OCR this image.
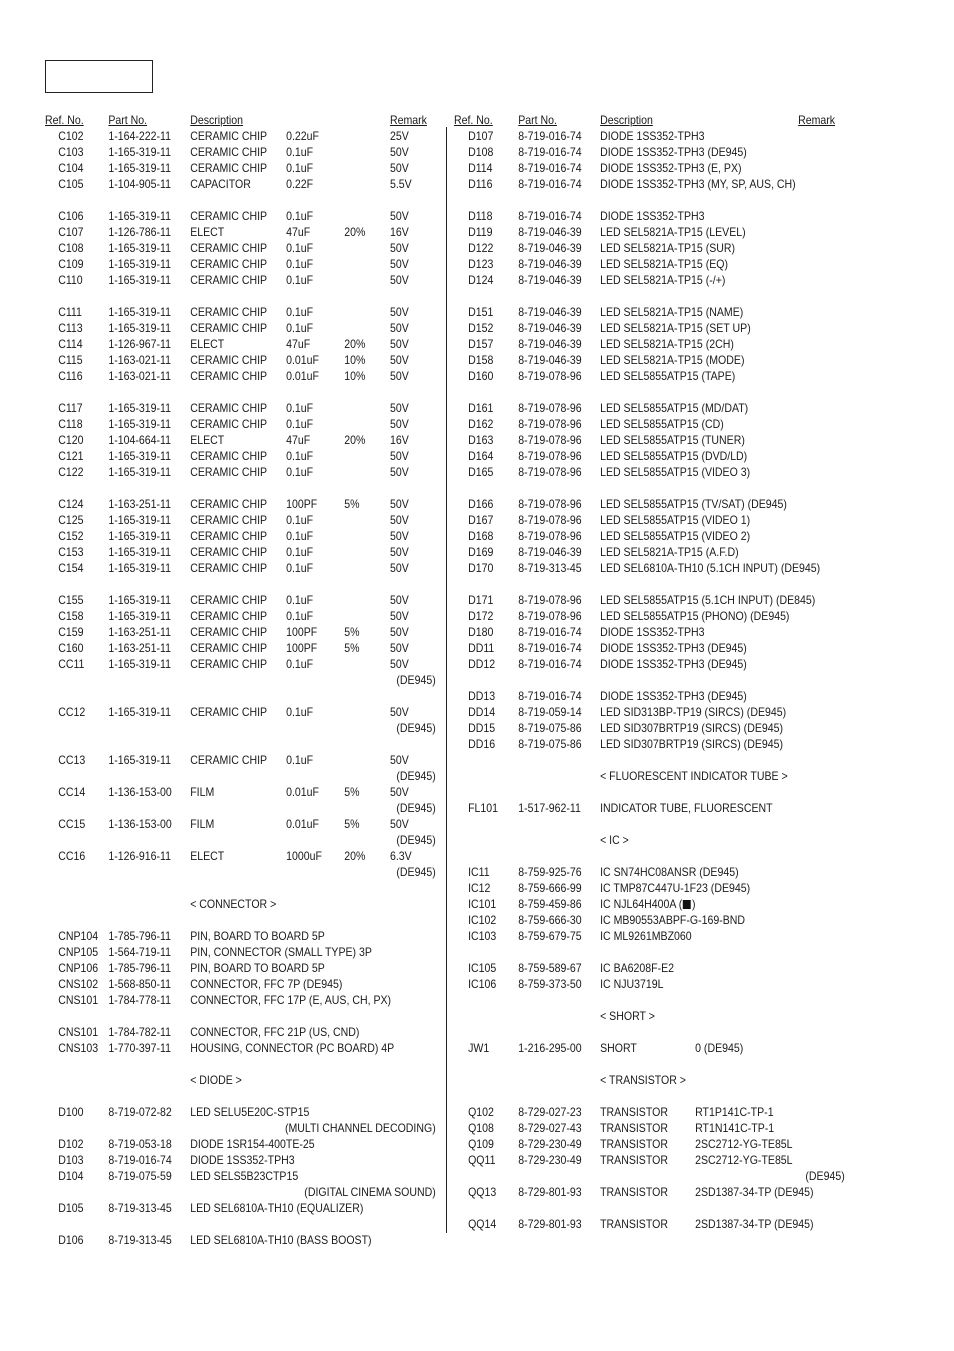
Ref. No. Part No.	Description	Remark
C102 1-164-222-11 CERAMIC CHIP 0.22uF	25V
C103 1-165-319-11 CERAMIC CHIP 0.1uF	50V
C104 1-165-319-11 CERAMIC CHIP 0.1uF	50V
C105 1-104-905-11 CAPACITOR	0.22F	5.5V
C106 1-165-319-11 CERAMIC CHIP 0.1uF	50V
C107 1-126-786-11 ELECT	47uF	20% 16V
C108 1-165-319-11 CERAMIC CHIP 0.1uF	50V
C109 1-165-319-11 CERAMIC CHIP 0.1uF	50V
C110 1-165-319-11 CERAMIC CHIP 0.1uF	50V
C111 1-165-319-11 CERAMIC CHIP 0.1uF	50V
C113 1-165-319-11 CERAMIC CHIP 0.1uF	50V
C114 1-126-967-11 ELECT	47uF	20% 50V
C115 1-163-021-11 CERAMIC CHIP 0.01uF 10% 50V
C116 1-163-021-11 CERAMIC CHIP 0.01uF 10% 50V
C117 1-165-319-11 CERAMIC CHIP 0.1uF	50V
C118 1-165-319-11 CERAMIC CHIP 0.1uF	50V
C120 1-104-664-11 ELECT	47uF	20% 16V
C121 1-165-319-11 CERAMIC CHIP 0.1uF	50V
C122 1-165-319-11 CERAMIC CHIP 0.1uF	50V
C124 1-163-251-11 CERAMIC CHIP 100PF 5%	50V
C125 1-165-319-11 CERAMIC CHIP 0.1uF	50V
C152 1-165-319-11 CERAMIC CHIP 0.1uF	50V
C153 1-165-319-11 CERAMIC CHIP 0.1uF	50V
C154 1-165-319-11 CERAMIC CHIP 0.1uF	50V
C155 1-165-319-11 CERAMIC CHIP 0.1uF	50V
C158 1-165-319-11 CERAMIC CHIP 0.1uF	50V
C159 1-163-251-11 CERAMIC CHIP 100PF 5%	50V
C160 1-163-251-11 CERAMIC CHIP 100PF 5%	50V
CC11 1-165-319-11 CERAMIC CHIP 0.1uF	50V
(DE945)
CC12 1-165-319-11 CERAMIC CHIP 0.1uF	50V
(DE945)
CC13 1-165-319-11 CERAMIC CHIP 0.1uF	50V
(DE945)
CC14 1-136-153-00 FILM	0.01uF 5%	50V
(DE945)
CC15 1-136-153-00 FILM	0.01uF 5%	50V
(DE945)
CC16 1-126-916-11 ELECT	1000uF 20% 6.3V
(DE945)
< CONNECTOR >
CNP104 1-785-796-11 PIN, BOARD TO BOARD 5P
CNP105 1-564-719-11 PIN, CONNECTOR (SMALL TYPE) 3P
CNP106 1-785-796-11 PIN, BOARD TO BOARD 5P
CNS102 1-568-850-11 CONNECTOR, FFC 7P (DE945)
CNS101 1-784-778-11 CONNECTOR, FFC 17P (E, AUS, CH, PX)
CNS101 1-784-782-11 CONNECTOR, FFC 21P (US, CND)
CNS103 1-770-397-11 HOUSING, CONNECTOR (PC BOARD) 4P
< DIODE >
D100 8-719-072-82 LED SELU5E20C-STP15
(MULTI CHANNEL DECODING)
D102 8-719-053-18 DIODE 1SR154-400TE-25
D103 8-719-016-74 DIODE 1SS352-TPH3
D104 8-719-075-59 LED SELS5B23CTP15
(DIGITAL CINEMA SOUND)
D105 8-719-313-45 LED SEL6810A-TH10 (EQUALIZER)
D106 8-719-313-45 LED SEL6810A-TH10 (BASS BOOST)
Ref. No. Part No.	Description	Remark
D107 8-719-016-74 DIODE 1SS352-TPH3
D108 8-719-016-74 DIODE 1SS352-TPH3 (DE945)
D114 8-719-016-74 DIODE 1SS352-TPH3 (E, PX)
D116 8-719-016-74 DIODE 1SS352-TPH3 (MY, SP, AUS, CH)
D118 8-719-016-74 DIODE 1SS352-TPH3
D119 8-719-046-39 LED SEL5821A-TP15 (LEVEL)
D122 8-719-046-39 LED SEL5821A-TP15 (SUR)
D123 8-719-046-39 LED SEL5821A-TP15 (EQ)
D124 8-719-046-39 LED SEL5821A-TP15 (-/+)
D151 8-719-046-39 LED SEL5821A-TP15 (NAME)
D152 8-719-046-39 LED SEL5821A-TP15 (SET UP)
D157 8-719-046-39 LED SEL5821A-TP15 (2CH)
D158 8-719-046-39 LED SEL5821A-TP15 (MODE)
D160 8-719-078-96 LED SEL5855ATP15 (TAPE)
D161 8-719-078-96 LED SEL5855ATP15 (MD/DAT)
D162 8-719-078-96 LED SEL5855ATP15 (CD)
D163 8-719-078-96 LED SEL5855ATP15 (TUNER)
D164 8-719-078-96 LED SEL5855ATP15 (DVD/LD)
D165 8-719-078-96 LED SEL5855ATP15 (VIDEO 3)
D166 8-719-078-96 LED SEL5855ATP15 (TV/SAT) (DE945)
D167 8-719-078-96 LED SEL5855ATP15 (VIDEO 1)
D168 8-719-078-96 LED SEL5855ATP15 (VIDEO 2)
D169 8-719-046-39 LED SEL5821A-TP15 (A.F.D)
D170 8-719-313-45 LED SEL6810A-TH10 (5.1CH INPUT) (DE945)
D171 8-719-078-96 LED SEL5855ATP15 (5.1CH INPUT) (DE845)
D172 8-719-078-96 LED SEL5855ATP15 (PHONO) (DE945)
D180 8-719-016-74 DIODE 1SS352-TPH3
DD11 8-719-016-74 DIODE 1SS352-TPH3 (DE945)
DD12 8-719-016-74 DIODE 1SS352-TPH3 (DE945)
DD13 8-719-016-74 DIODE 1SS352-TPH3 (DE945)
DD14 8-719-059-14 LED SID313BP-TP19 (SIRCS) (DE945)
DD15 8-719-075-86 LED SID307BRTP19 (SIRCS) (DE945)
DD16 8-719-075-86 LED SID307BRTP19 (SIRCS) (DE945)
< FLUORESCENT INDICATOR TUBE >
FL101 1-517-962-11 INDICATOR TUBE, FLUORESCENT
< IC >
IC11 8-759-925-76 IC SN74HC08ANSR (DE945)
IC12 8-759-666-99 IC TMP87C447U-1F23 (DE945)
IC101 8-759-459-86 IC NJL64H400A ( )
IC102 8-759-666-30 IC MB90553ABPF-G-169-BND
IC103 8-759-679-75 IC ML9261MBZ060
IC105 8-759-589-67 IC BA6208F-E2
IC106 8-759-373-50 IC NJU3719L
< SHORT >
JW1 1-216-295-00 SHORT	0 (DE945)
< TRANSISTOR >
Q102 8-729-027-23 TRANSISTOR RT1P141C-TP-1
Q108 8-729-027-43 TRANSISTOR RT1N141C-TP-1
Q109 8-729-230-49 TRANSISTOR 2SC2712-YG-TE85L
QQ11 8-729-230-49 TRANSISTOR 2SC2712-YG-TE85L
(DE945)
QQ13 8-729-801-93 TRANSISTOR 2SD1387-34-TP (DE945)
QQ14 8-729-801-93 TRANSISTOR 2SD1387-34-TP (DE945)
